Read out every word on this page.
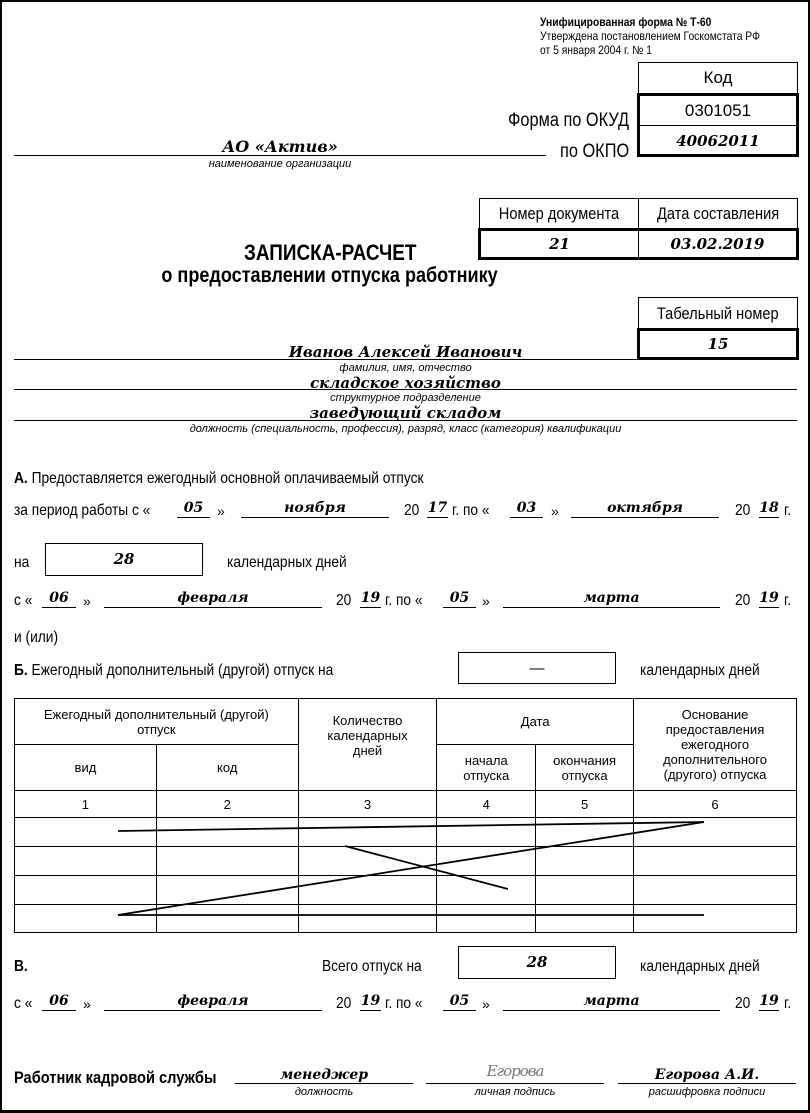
Унифицированная форма № Т-60
Утверждена постановлением Госкомстата РФ
от 5 января 2004 г. № 1
Код
0301051
40062011
Форма по ОКУД
по ОКПО
АО «Актив»
наименование организации
Номер документа Дата составления
21	03.02.2019
ЗАПИСКА-РАСЧЕТ
о предоставлении отпуска работнику
Табельный номер
15
Иванов Алексей Иванович
фамилия, имя, отчество
складское хозяйство
структурное подразделение
заведующий складом
должность (специальность, профессия), разряд, класс (категория) квалификации
А. Предоставляется ежегодный основной оплачиваемый отпуск
за период работы с «	05 »	ноября	20 17 г. по «	03	»	октября	20 18 г.
на	28	календарных дней
с «	06	»	февраля	20 19 г. по «	05 »	марта	20 19 г.
и (или)
Б. Ежегодный дополнительный (другой) отпуск на	—	календарных дней
Ежегодный дополнительный (другой) отпуск		Количество календарных дней	Дата		Основание предоставления ежегодного дополнительного (другого) отпуска
вид	код		начала отпуска	окончания отпуска	
1	2	3	4	5	6

В.	Всего отпуск на	28	календарных дней
с «	06	»	февраля	20 19 г. по «	05 »	марта	20 19 г.
Работник кадровой службы	менеджер
должность
Егорова
личная подпись
Егорова А.И.
расшифровка подписи
